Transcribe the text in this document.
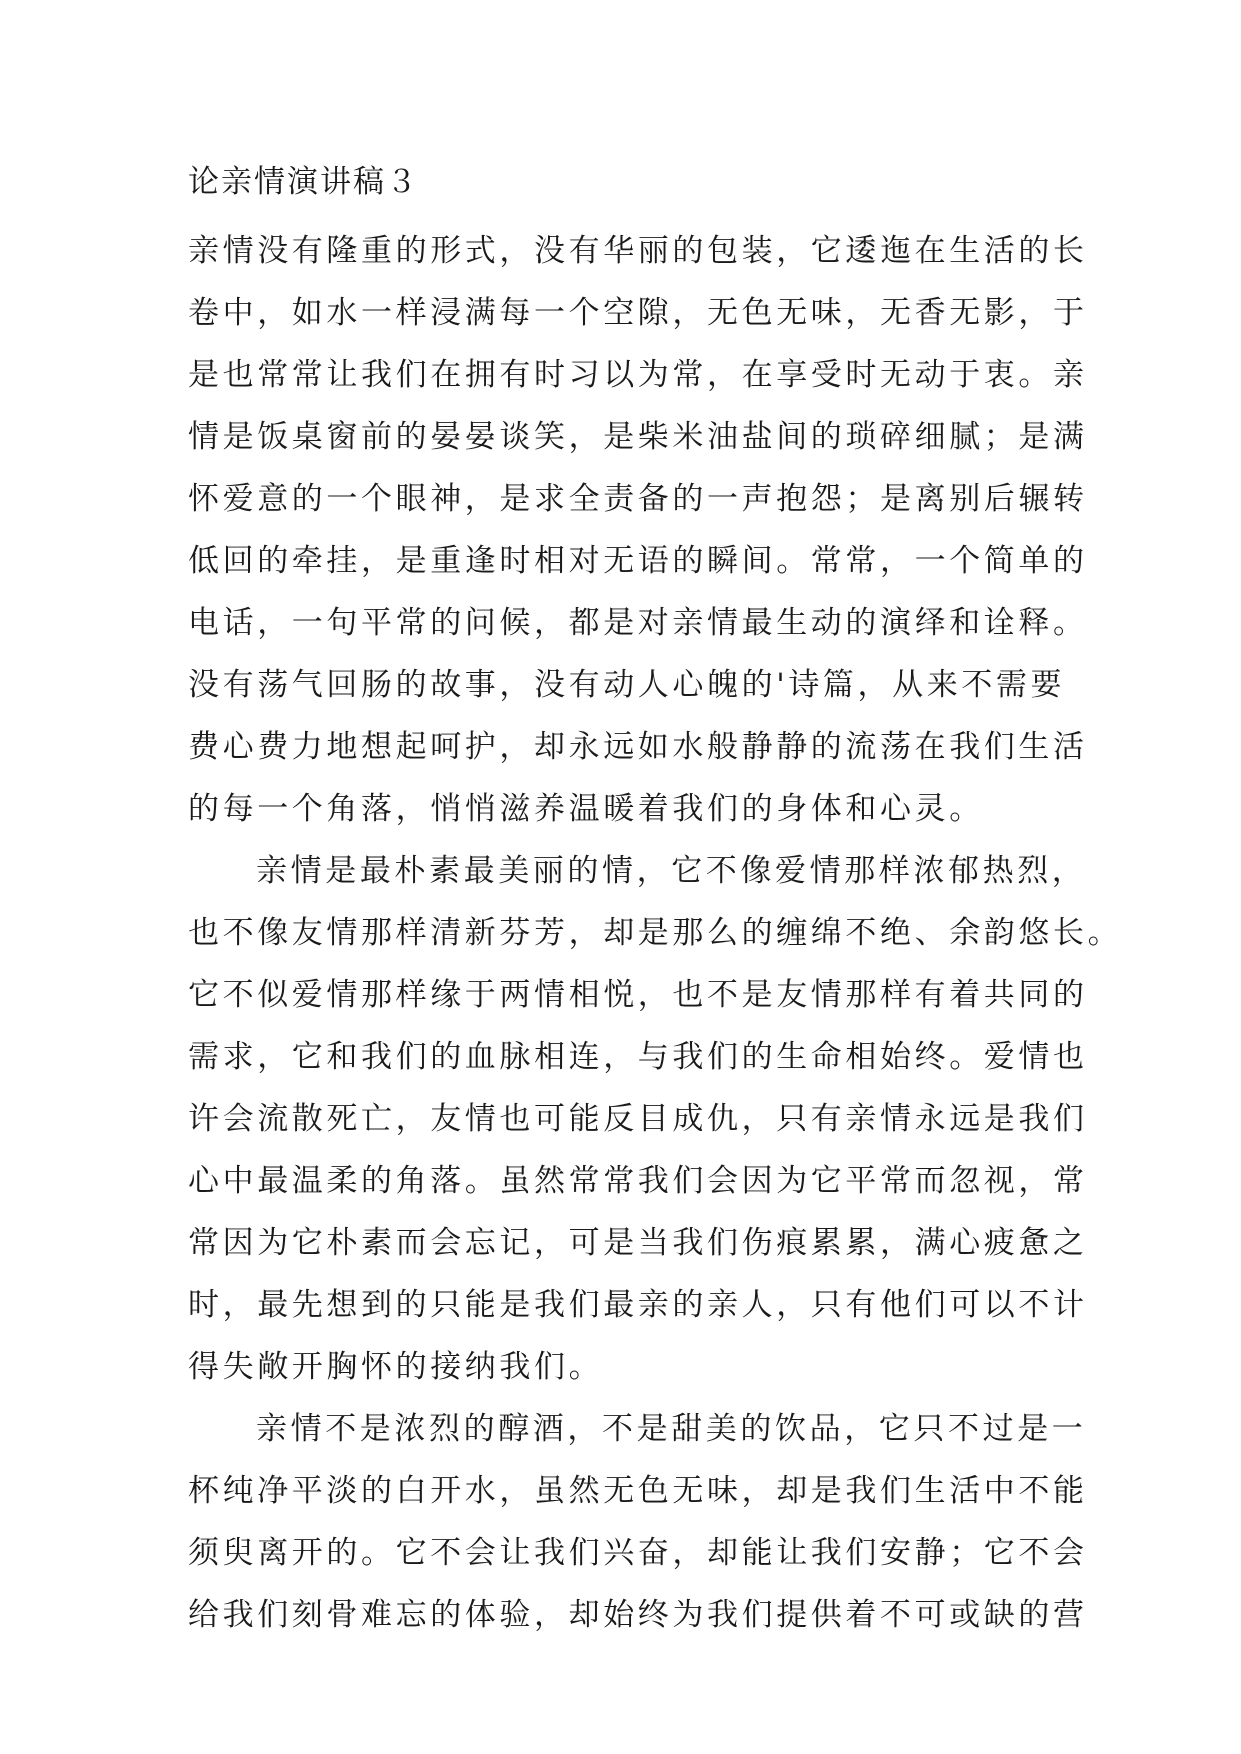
论亲情演讲稿３
亲情没有隆重的形式，没有华丽的包装，它逶迤在生活的长
卷中，如水一样浸满每一个空隙，无色无味，无香无影，于
是也常常让我们在拥有时习以为常，在享受时无动于衷。亲
情是饭桌窗前的晏晏谈笑，是柴米油盐间的琐碎细腻；是满
怀爱意的一个眼神，是求全责备的一声抱怨；是离别后辗转
低回的牵挂，是重逢时相对无语的瞬间。常常，一个简单的
电话，一句平常的问候，都是对亲情最生动的演绎和诠释。
没有荡气回肠的故事，没有动人心魄的'诗篇，从来不需要
费心费力地想起呵护，却永远如水般静静的流荡在我们生活
的每一个角落，悄悄滋养温暖着我们的身体和心灵。
亲情是最朴素最美丽的情，它不像爱情那样浓郁热烈，
也不像友情那样清新芬芳，却是那么的缠绵不绝、余韵悠长。
它不似爱情那样缘于两情相悦，也不是友情那样有着共同的
需求，它和我们的血脉相连，与我们的生命相始终。爱情也
许会流散死亡，友情也可能反目成仇，只有亲情永远是我们
心中最温柔的角落。虽然常常我们会因为它平常而忽视，常
常因为它朴素而会忘记，可是当我们伤痕累累，满心疲惫之
时，最先想到的只能是我们最亲的亲人，只有他们可以不计
得失敞开胸怀的接纳我们。
亲情不是浓烈的醇酒，不是甜美的饮品，它只不过是一
杯纯净平淡的白开水，虽然无色无味，却是我们生活中不能
须臾离开的。它不会让我们兴奋，却能让我们安静；它不会
给我们刻骨难忘的体验，却始终为我们提供着不可或缺的营
